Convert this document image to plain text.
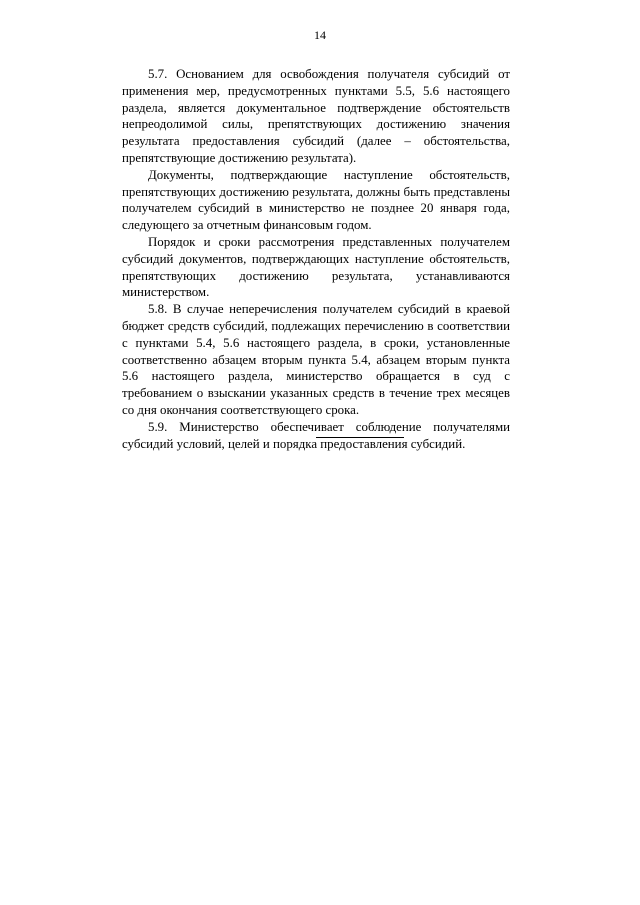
14

5.7. Основанием для освобождения получателя субсидий от применения мер, предусмотренных пунктами 5.5, 5.6 настоящего раздела, является документальное подтверждение обстоятельств непреодолимой силы, препятствующих достижению значения результата предоставления субсидий (далее – обстоятельства, препятствующие достижению результата).

Документы, подтверждающие наступление обстоятельств, препятствующих достижению результата, должны быть представлены получателем субсидий в министерство не позднее 20 января года, следующего за отчетным финансовым годом.

Порядок и сроки рассмотрения представленных получателем субсидий документов, подтверждающих наступление обстоятельств, препятствующих достижению результата, устанавливаются министерством.

5.8. В случае неперечисления получателем субсидий в краевой бюджет средств субсидий, подлежащих перечислению в соответствии с пунктами 5.4, 5.6 настоящего раздела, в сроки, установленные соответственно абзацем вторым пункта 5.4, абзацем вторым пункта 5.6 настоящего раздела, министерство обращается в суд с требованием о взыскании указанных средств в течение трех месяцев со дня окончания соответствующего срока.

5.9. Министерство обеспечивает соблюдение получателями субсидий условий, целей и порядка предоставления субсидий.
